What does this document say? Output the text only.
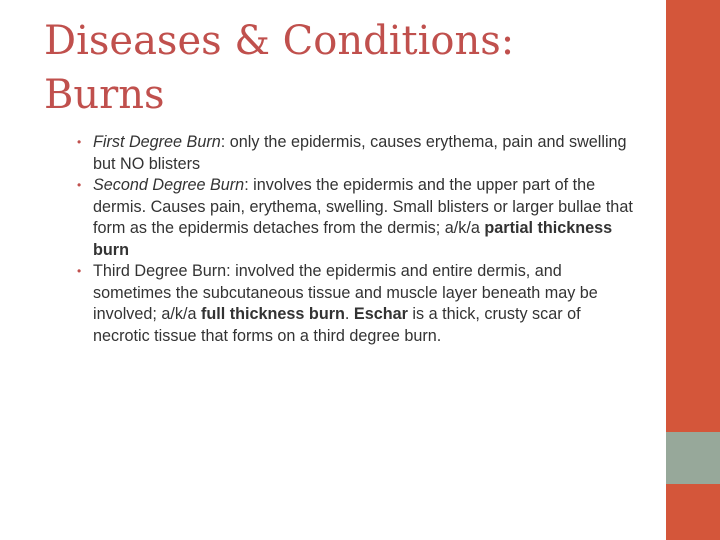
Diseases & Conditions:
Burns
• First Degree Burn: only the epidermis, causes erythema, pain and swelling but NO blisters
• Second Degree Burn: involves the epidermis and the upper part of the dermis. Causes pain, erythema, swelling. Small blisters or larger bullae that form as the epidermis detaches from the dermis; a/k/a partial thickness burn
• Third Degree Burn: involved the epidermis and entire dermis, and sometimes the subcutaneous tissue and muscle layer beneath may be involved; a/k/a full thickness burn. Eschar is a thick, crusty scar of necrotic tissue that forms on a third degree burn.
